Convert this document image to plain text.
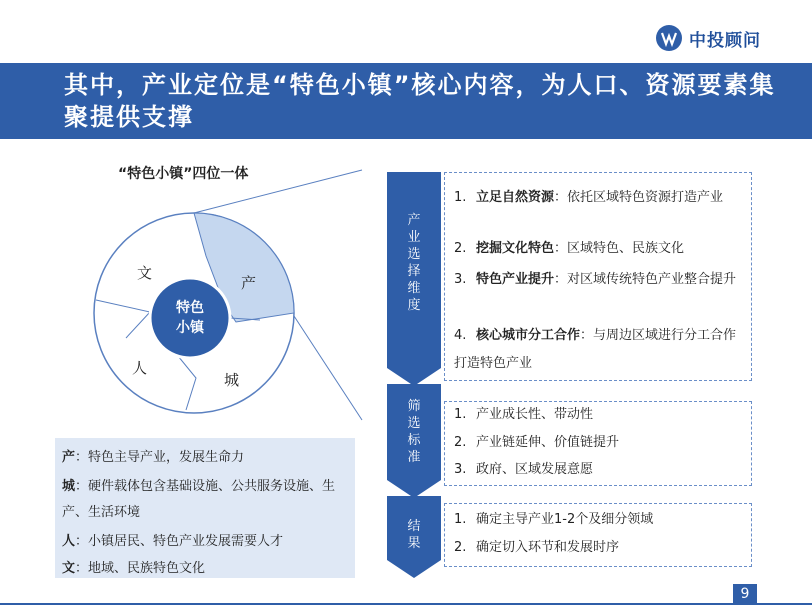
中投顾问
其中，产业定位是“特色小镇”核心内容，为人口、资源要素集聚提供支撑
“特色小镇”四位一体
特色
小镇
文
产
人
城
产：特色主导产业，发展生命力
城：硬件载体包含基础设施、公共服务设施、生产、生活环境
人：小镇居民、特色产业发展需要人才
文：地域、民族特色文化
产
业
选
择
维
度
筛
选
标
准
结
果
1. 立足自然资源：依托区域特色资源打造产业
2. 挖掘文化特色：区域特色、民族文化
3. 特色产业提升：对区域传统特色产业整合提升
4. 核心城市分工合作：与周边区域进行分工合作打造特色产业
1. 产业成长性、带动性
2. 产业链延伸、价值链提升
3. 政府、区域发展意愿
1. 确定主导产业1-2个及细分领域
2. 确定切入环节和发展时序
9
